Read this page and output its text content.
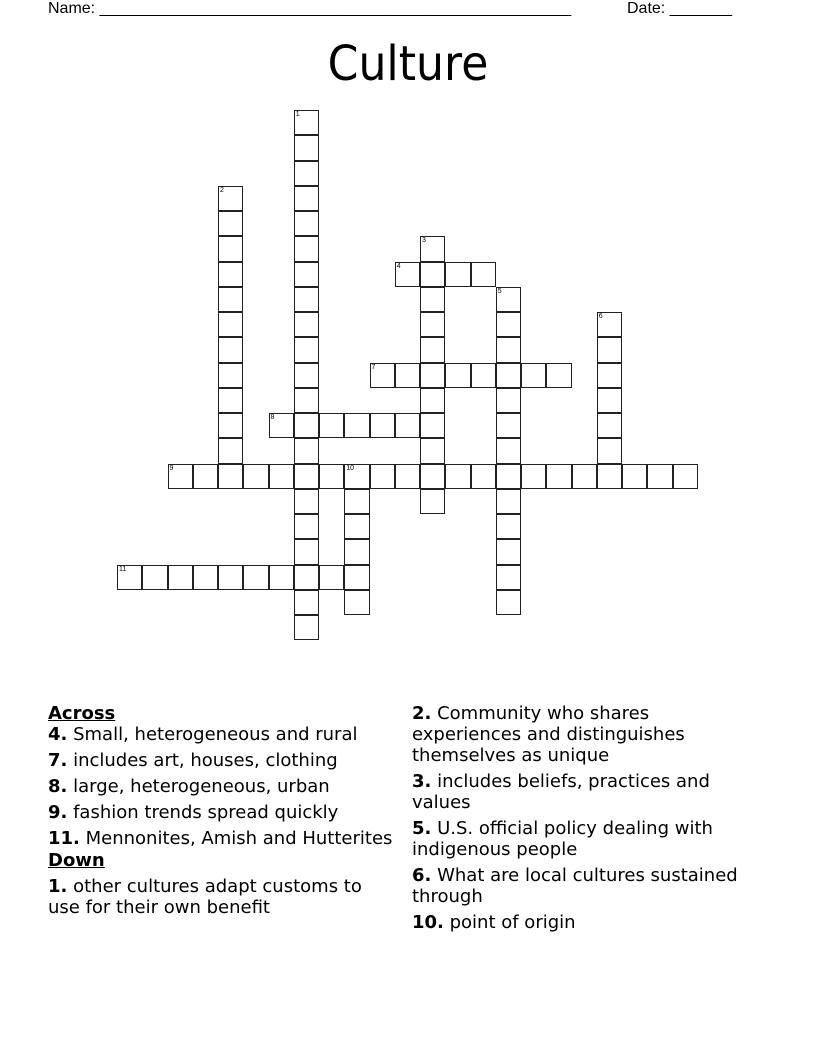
Name: _____________________________________________________	Date: _______
Culture
1
2
3
4
5
6
7
8
9	10
11
Across
4. Small, heterogeneous and rural
7. includes art, houses, clothing
8. large, heterogeneous, urban
9. fashion trends spread quickly
11. Mennonites, Amish and Hutterites
Down
1. other cultures adapt customs to use for their own benefit
2. Community who shares experiences and distinguishes themselves as unique
3. includes beliefs, practices and values
5. U.S. official policy dealing with indigenous people
6. What are local cultures sustained through
10. point of origin
